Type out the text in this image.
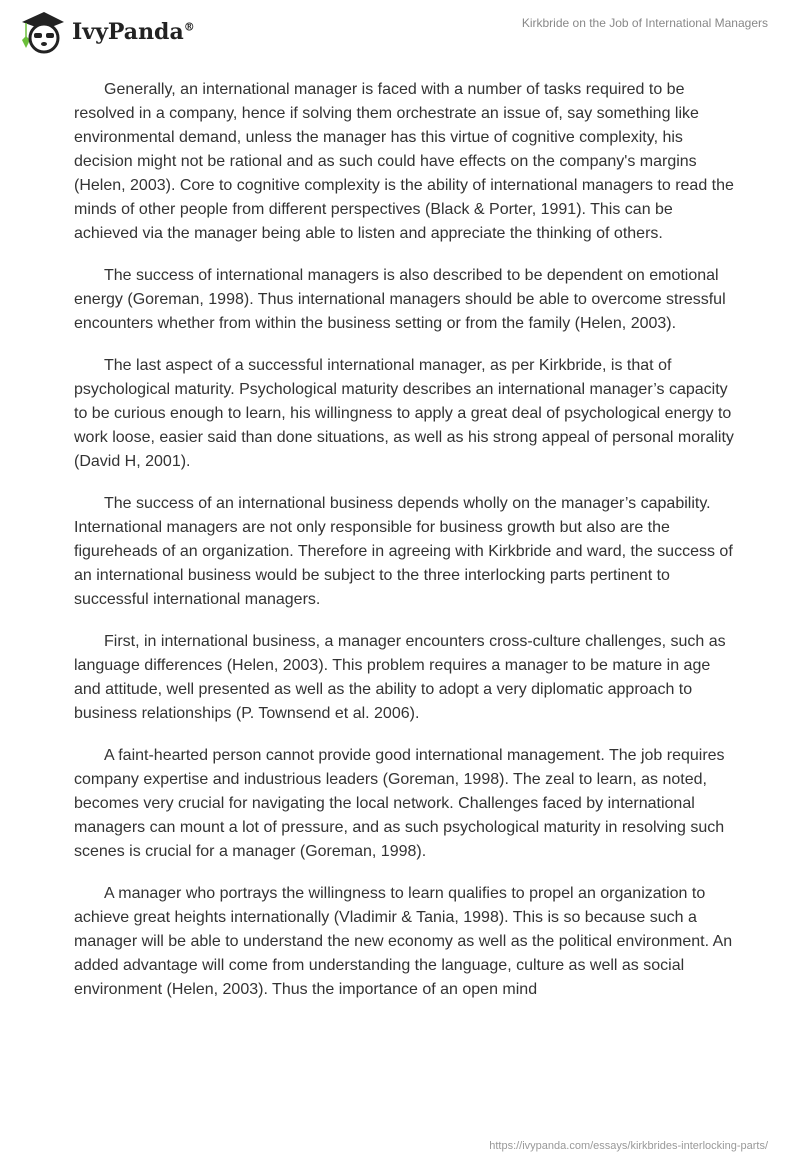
IvyPanda®	Kirkbride on the Job of International Managers

Generally, an international manager is faced with a number of tasks required to be resolved in a company, hence if solving them orchestrate an issue of, say something like environmental demand, unless the manager has this virtue of cognitive complexity, his decision might not be rational and as such could have effects on the company's margins (Helen, 2003). Core to cognitive complexity is the ability of international managers to read the minds of other people from different perspectives (Black & Porter, 1991). This can be achieved via the manager being able to listen and appreciate the thinking of others.

The success of international managers is also described to be dependent on emotional energy (Goreman, 1998). Thus international managers should be able to overcome stressful encounters whether from within the business setting or from the family (Helen, 2003).

The last aspect of a successful international manager, as per Kirkbride, is that of psychological maturity. Psychological maturity describes an international manager’s capacity to be curious enough to learn, his willingness to apply a great deal of psychological energy to work loose, easier said than done situations, as well as his strong appeal of personal morality (David H, 2001).

The success of an international business depends wholly on the manager’s capability. International managers are not only responsible for business growth but also are the figureheads of an organization. Therefore in agreeing with Kirkbride and ward, the success of an international business would be subject to the three interlocking parts pertinent to successful international managers.

First, in international business, a manager encounters cross-culture challenges, such as language differences (Helen, 2003). This problem requires a manager to be mature in age and attitude, well presented as well as the ability to adopt a very diplomatic approach to business relationships (P. Townsend et al. 2006).

A faint-hearted person cannot provide good international management. The job requires company expertise and industrious leaders (Goreman, 1998). The zeal to learn, as noted, becomes very crucial for navigating the local network. Challenges faced by international managers can mount a lot of pressure, and as such psychological maturity in resolving such scenes is crucial for a manager (Goreman, 1998).

A manager who portrays the willingness to learn qualifies to propel an organization to achieve great heights internationally (Vladimir & Tania, 1998). This is so because such a manager will be able to understand the new economy as well as the political environment. An added advantage will come from understanding the language, culture as well as social environment (Helen, 2003). Thus the importance of an open mind

https://ivypanda.com/essays/kirkbrides-interlocking-parts/
